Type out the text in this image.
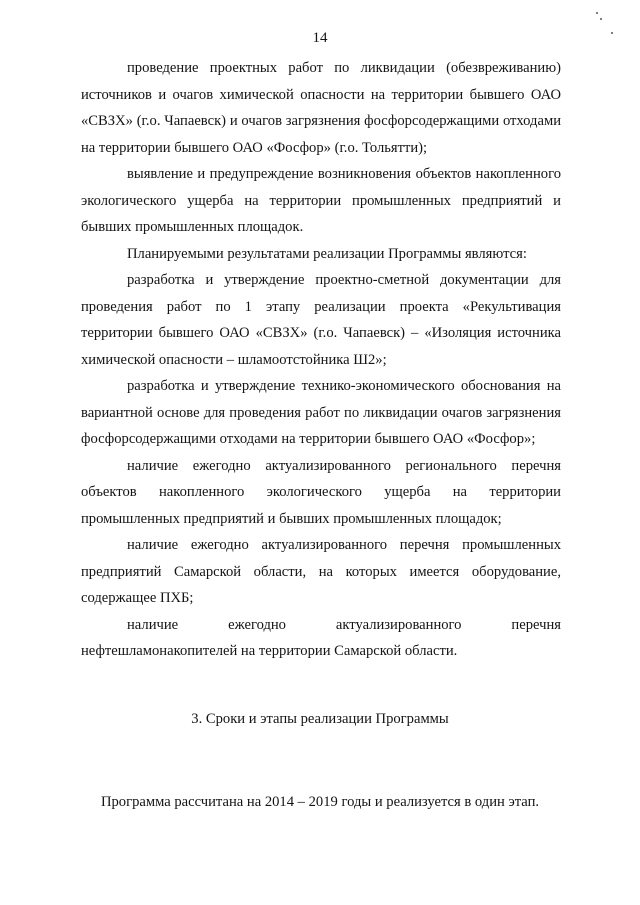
14

проведение проектных работ по ликвидации (обезвреживанию) источников и очагов химической опасности на территории бывшего ОАО «СВЗХ» (г.о. Чапаевск) и очагов загрязнения фосфорсодержащими отходами на территории бывшего ОАО «Фосфор» (г.о. Тольятти);

выявление и предупреждение возникновения объектов накопленного экологического ущерба на территории промышленных предприятий и бывших промышленных площадок.

Планируемыми результатами реализации Программы являются:

разработка и утверждение проектно-сметной документации для проведения работ по 1 этапу реализации проекта «Рекультивация территории бывшего ОАО «СВЗХ» (г.о. Чапаевск) – «Изоляция источника химической опасности – шламоотстойника Ш2»;

разработка и утверждение технико-экономического обоснования на вариантной основе для проведения работ по ликвидации очагов загрязнения фосфорсодержащими отходами на территории бывшего ОАО «Фосфор»;

наличие ежегодно актуализированного регионального перечня объектов накопленного экологического ущерба на территории промышленных предприятий и бывших промышленных площадок;

наличие ежегодно актуализированного перечня промышленных предприятий Самарской области, на которых имеется оборудование, содержащее ПХБ;

наличие ежегодно актуализированного перечня нефтешламонакопителей на территории Самарской области.

3. Сроки и этапы реализации Программы
Программа рассчитана на 2014 – 2019 годы и реализуется в один этап.
